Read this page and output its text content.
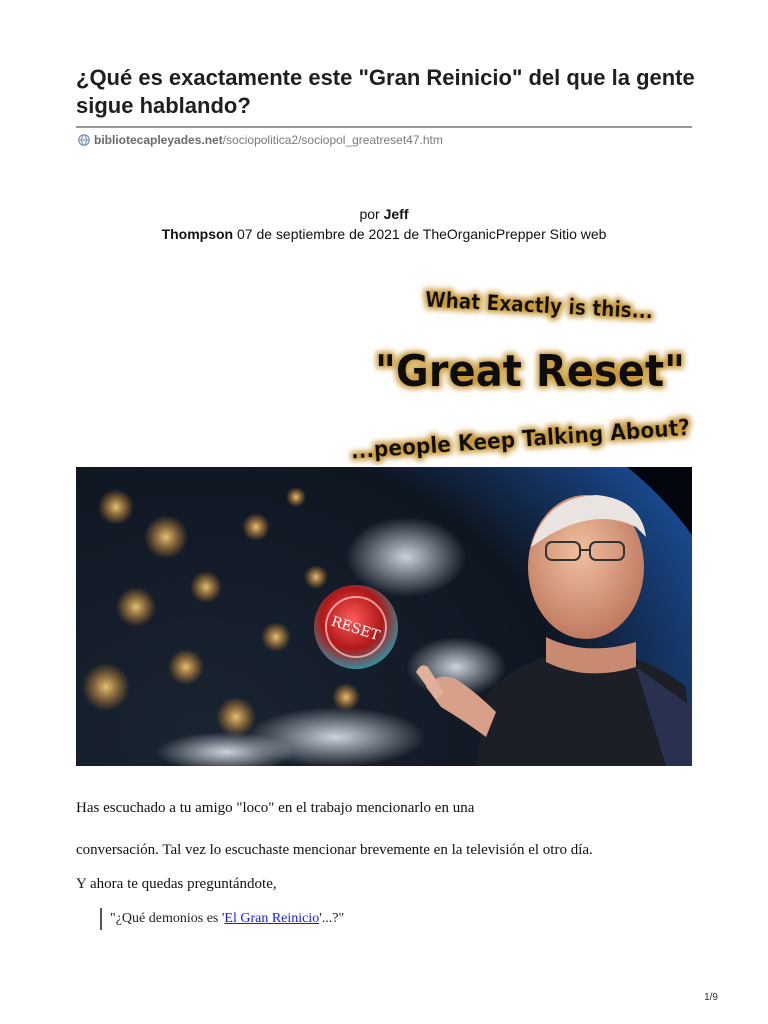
¿Qué es exactamente este "Gran Reinicio" del que la gente sigue hablando?
bibliotecapleyades.net/sociopolitica2/sociopol_greatreset47.htm
por Jeff
Thompson 07 de septiembre de 2021 de TheOrganicPrepper Sitio web
What Exactly is this...
"Great Reset"
...people Keep Talking About?
RESET

Has escuchado a tu amigo "loco" en el trabajo mencionarlo en una

conversación. Tal vez lo escuchaste mencionar brevemente en la televisión el otro día.

Y ahora te quedas preguntándote,

"¿Qué demonios es 'El Gran Reinicio'...?"
1/9
